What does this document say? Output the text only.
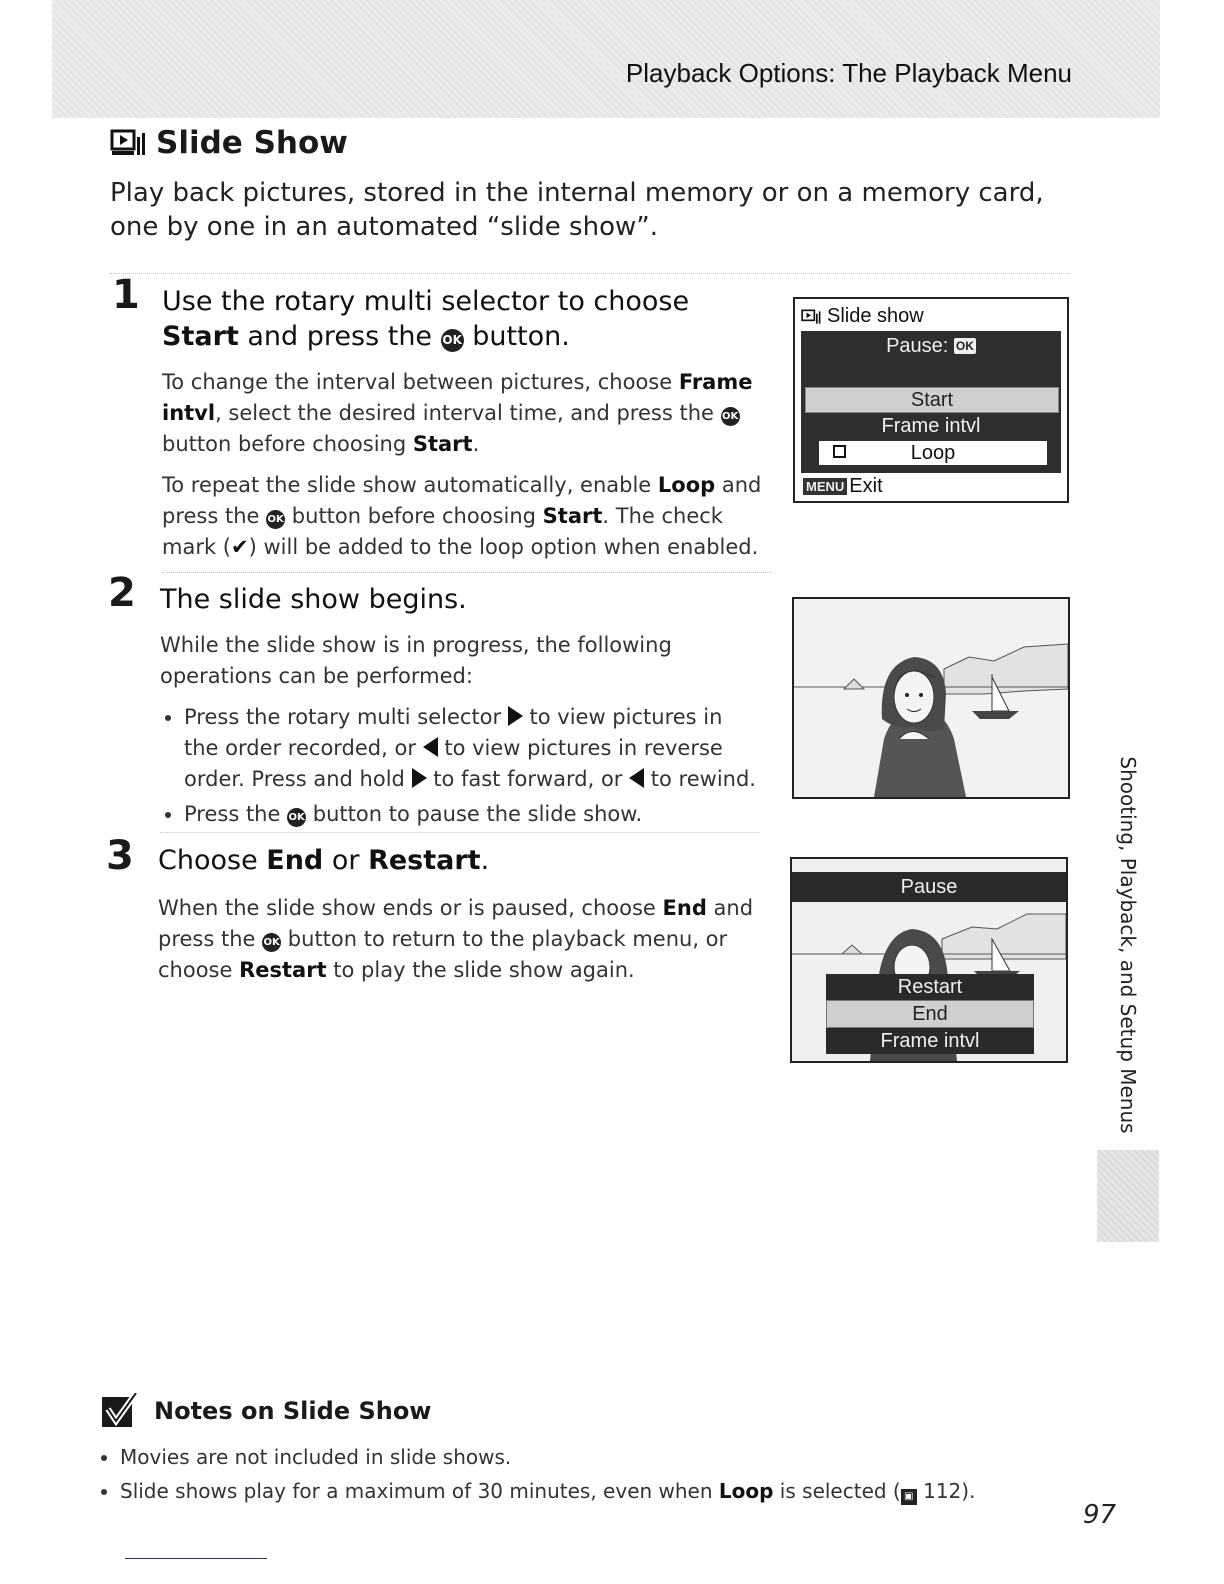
Playback Options: The Playback Menu
Shooting, Playback, and Setup Menus
Slide Show
Play back pictures, stored in the internal memory or on a memory card, one by one in an automated “slide show”.
1 Use the rotary multi selector to choose Start and press the OK button.

To change the interval between pictures, choose Frame intvl, select the desired interval time, and press the OK button before choosing Start.

To repeat the slide show automatically, enable Loop and press the OK button before choosing Start. The check mark (✔) will be added to the loop option when enabled.

Slide show
Pause: OK
Start
Frame intvl
Loop
MENU Exit
2 The slide show begins.

While the slide show is in progress, the following operations can be performed:

• Press the rotary multi selector  to view pictures in the order recorded, or  to view pictures in reverse order. Press and hold  to fast forward, or  to rewind.
• Press the OK button to pause the slide show.
3 Choose End or Restart.

When the slide show ends or is paused, choose End and press the OK button to return to the playback menu, or choose Restart to play the slide show again.

Pause
Restart
End
Frame intvl
Notes on Slide Show
• Movies are not included in slide shows.
• Slide shows play for a maximum of 30 minutes, even when Loop is selected ( ▣ 112).
97
